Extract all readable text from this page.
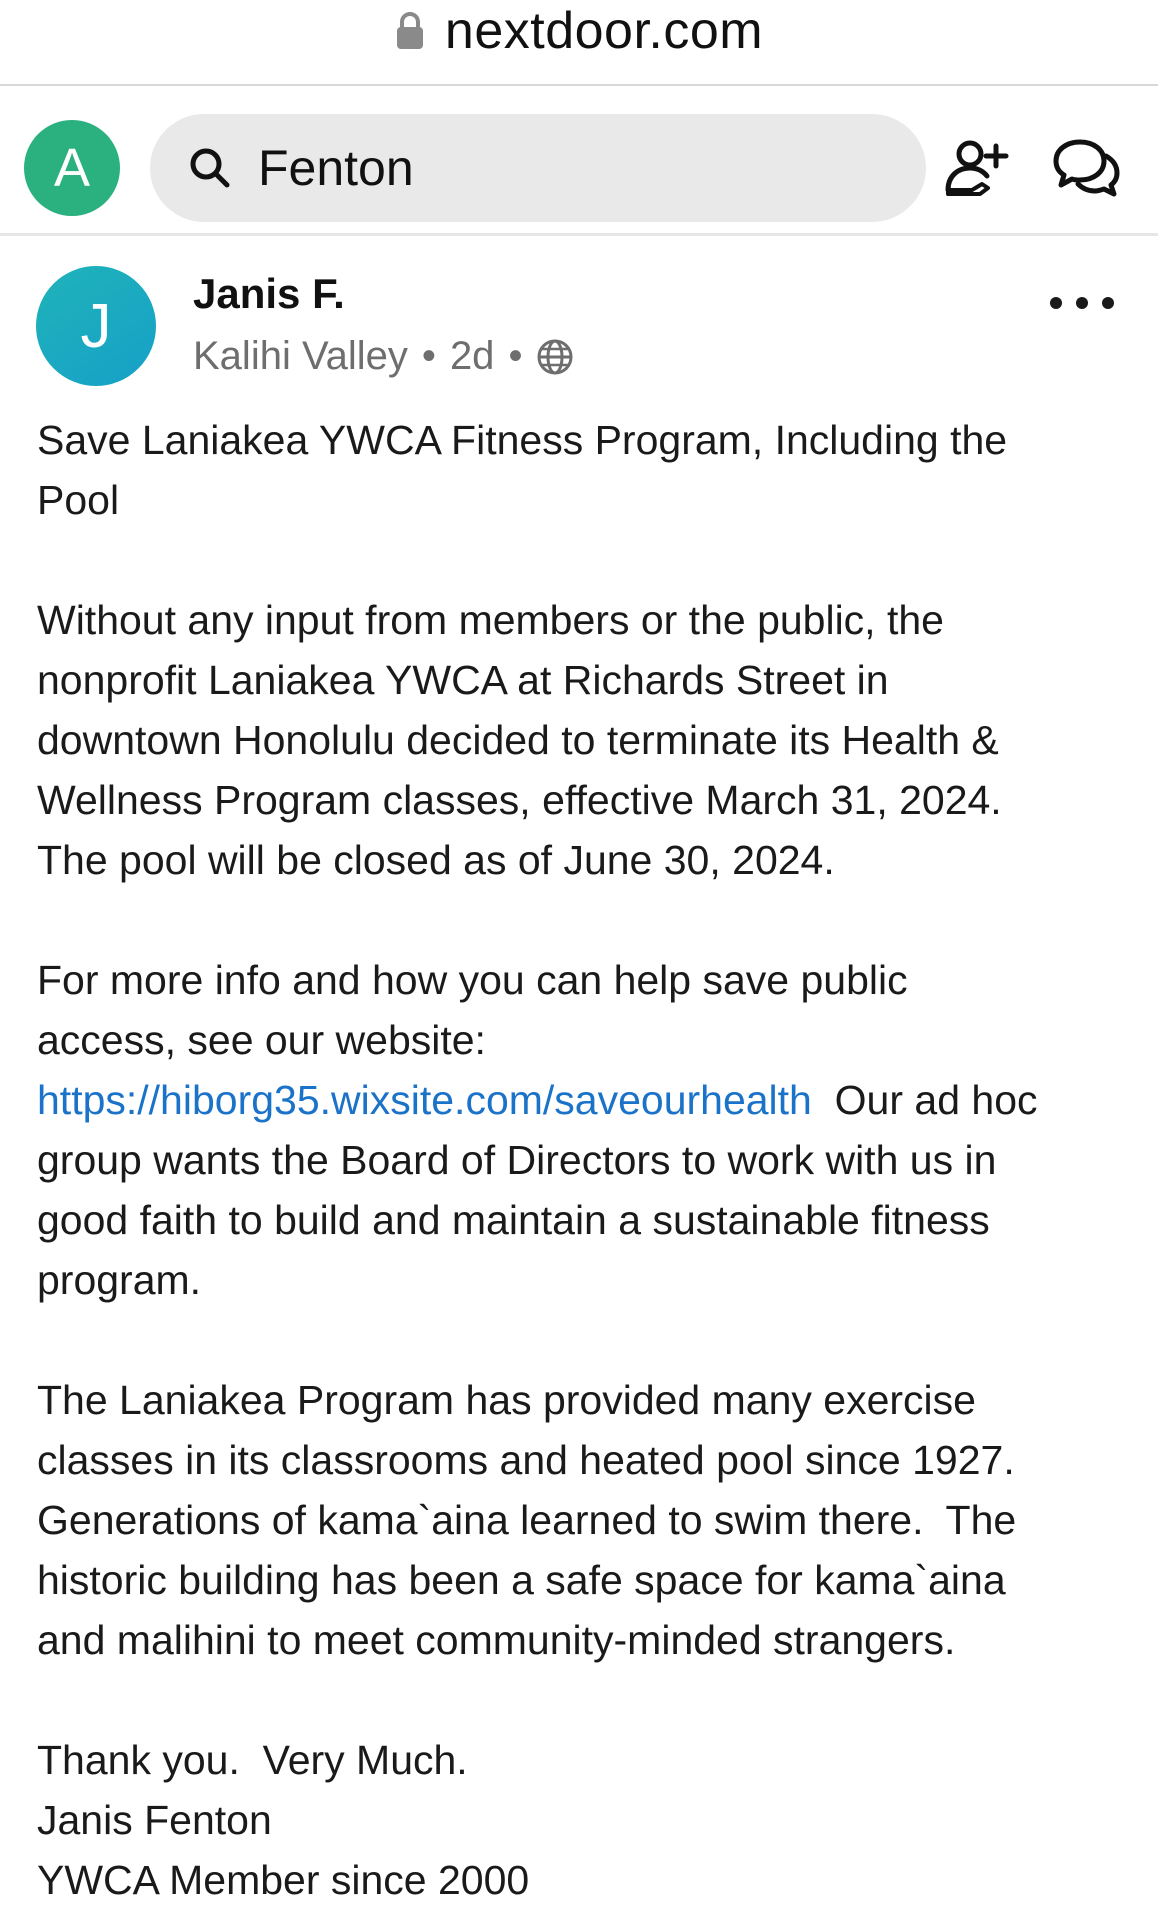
nextdoor.com
A
Fenton
J Janis F.
Kalihi Valley • 2d •

Save Laniakea YWCA Fitness Program, Including the

Pool

Without any input from members or the public, the

nonprofit Laniakea YWCA at Richards Street in

downtown Honolulu decided to terminate its Health &

Wellness Program classes, effective March 31, 2024.

The pool will be closed as of June 30, 2024.

For more info and how you can help save public

access, see our website:

https://hiborg35.wixsite.com/saveourhealth Our ad hoc

group wants the Board of Directors to work with us in

good faith to build and maintain a sustainable fitness

program.

The Laniakea Program has provided many exercise

classes in its classrooms and heated pool since 1927.

Generations of kama`aina learned to swim there.  The

historic building has been a safe space for kama`aina

and malihini to meet community-minded strangers.

Thank you.  Very Much.

Janis Fenton

YWCA Member since 2000
